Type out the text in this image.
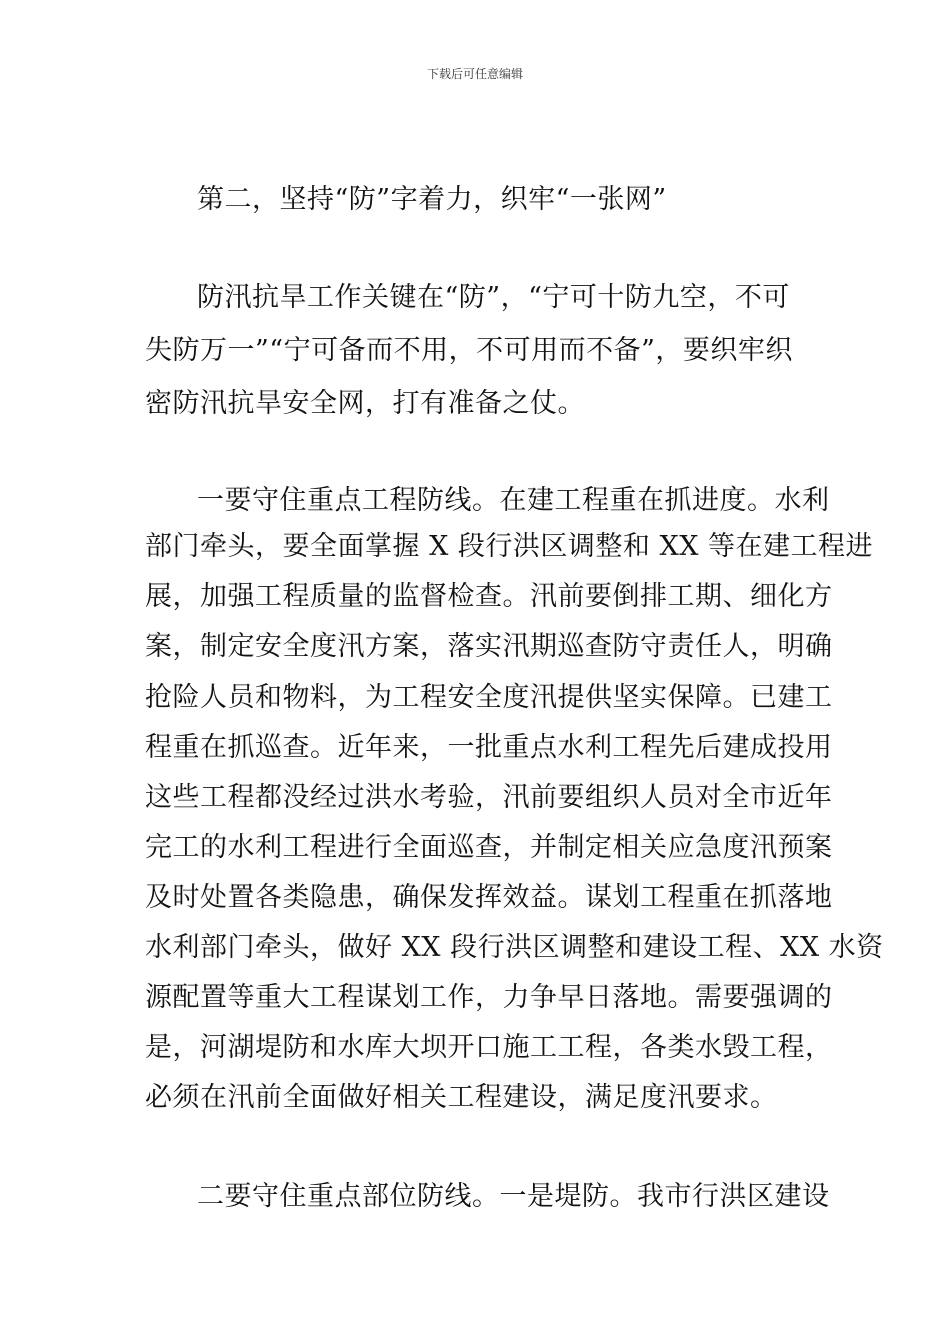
下载后可任意编辑
第二，坚持“防”字着力，织牢“一张网”
防汛抗旱工作关键在“防”，“宁可十防九空，不可
失防万一”“宁可备而不用，不可用而不备”，要织牢织
密防汛抗旱安全网，打有准备之仗。
一要守住重点工程防线。在建工程重在抓进度。水利
部门牵头，要全面掌握 X 段行洪区调整和 XX 等在建工程进
展，加强工程质量的监督检查。汛前要倒排工期、细化方
案，制定安全度汛方案，落实汛期巡查防守责任人，明确
抢险人员和物料，为工程安全度汛提供坚实保障。已建工
程重在抓巡查。近年来，一批重点水利工程先后建成投用
这些工程都没经过洪水考验，汛前要组织人员对全市近年
完工的水利工程进行全面巡查，并制定相关应急度汛预案
及时处置各类隐患，确保发挥效益。谋划工程重在抓落地
水利部门牵头，做好 XX 段行洪区调整和建设工程、XX 水资
源配置等重大工程谋划工作，力争早日落地。需要强调的
是，河湖堤防和水库大坝开口施工工程，各类水毁工程，
必须在汛前全面做好相关工程建设，满足度汛要求。
二要守住重点部位防线。一是堤防。我市行洪区建设
